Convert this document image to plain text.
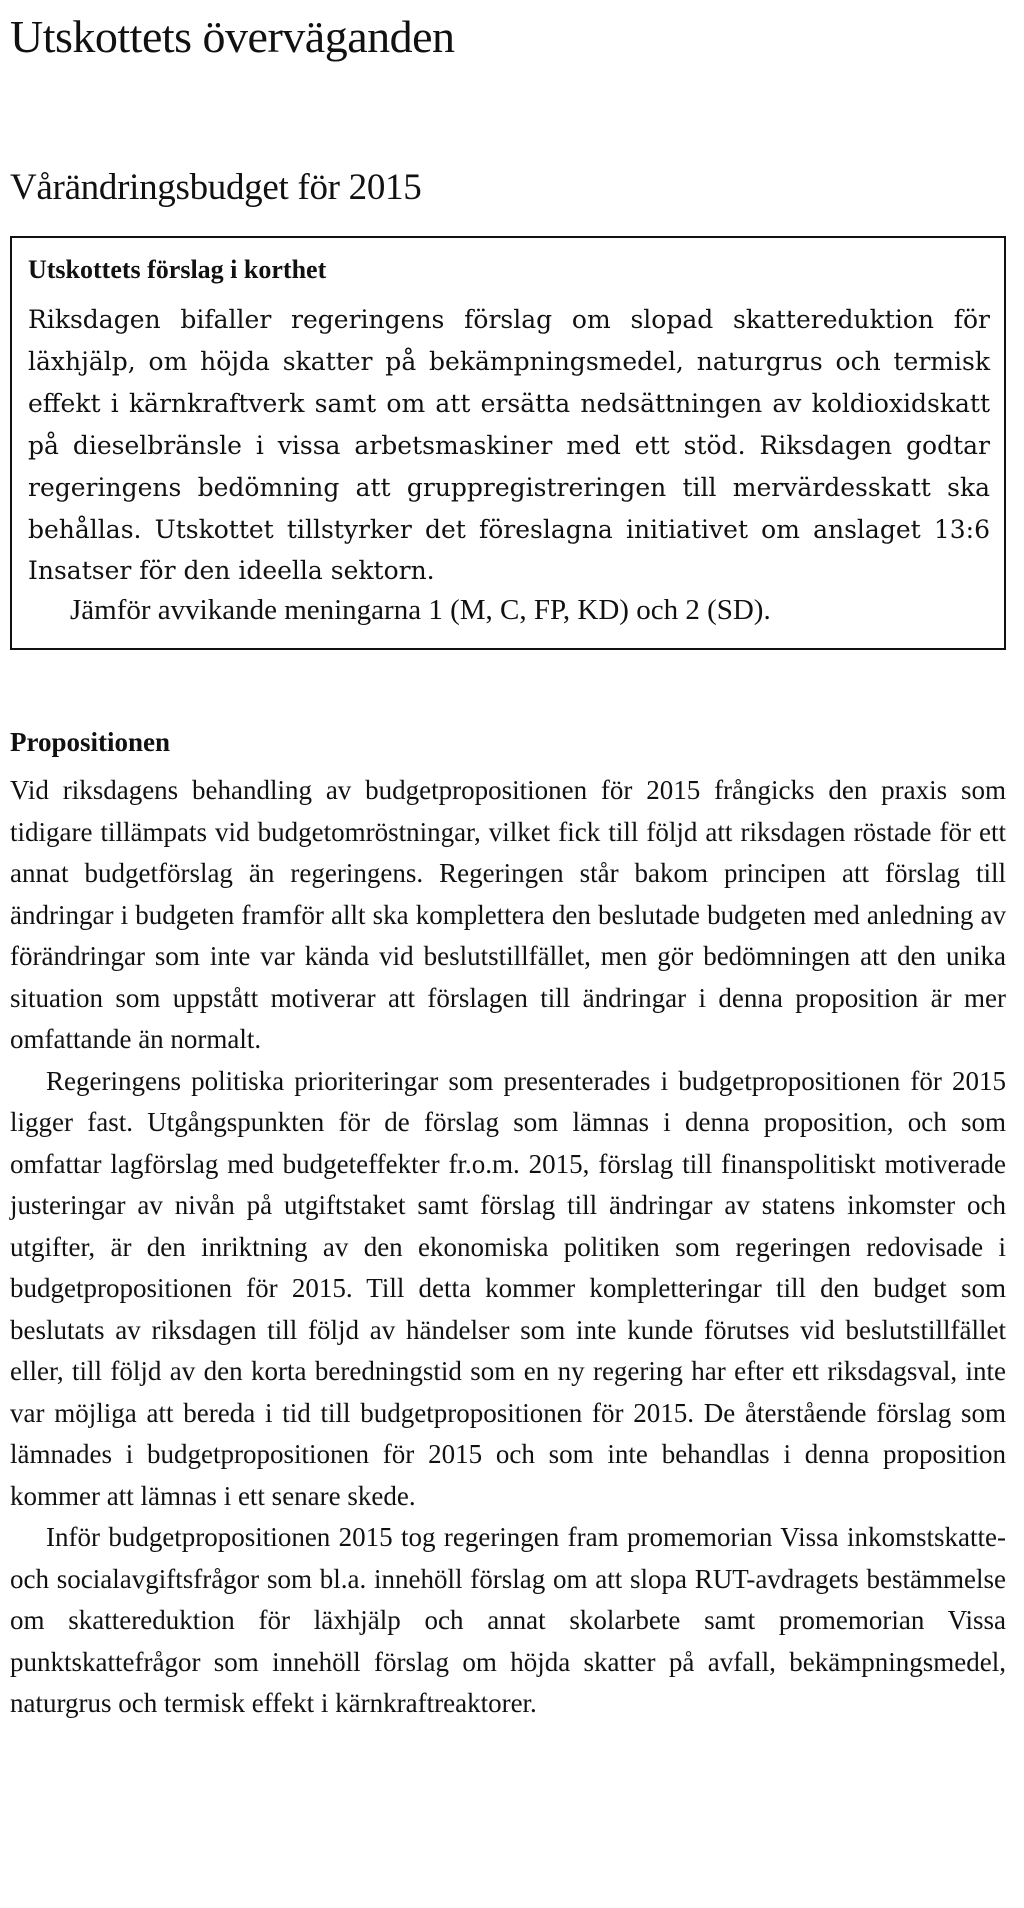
Utskottets överväganden
Vårändringsbudget för 2015
Utskottets förslag i korthet

Riksdagen bifaller regeringens förslag om slopad skattereduktion för läxhjälp, om höjda skatter på bekämpningsmedel, naturgrus och termisk effekt i kärnkraftverk samt om att ersätta nedsättningen av koldioxidskatt på dieselbränsle i vissa arbetsmaskiner med ett stöd. Riksdagen godtar regeringens bedömning att gruppregistreringen till mervärdesskatt ska behållas. Utskottet tillstyrker det föreslagna initiativet om anslaget 13:6 Insatser för den ideella sektorn.

Jämför avvikande meningarna 1 (M, C, FP, KD) och 2 (SD).

Propositionen

Vid riksdagens behandling av budgetpropositionen för 2015 frångicks den praxis som tidigare tillämpats vid budgetomröstningar, vilket fick till följd att riksdagen röstade för ett annat budgetförslag än regeringens. Regeringen står bakom principen att förslag till ändringar i budgeten framför allt ska komplettera den beslutade budgeten med anledning av förändringar som inte var kända vid beslutstillfället, men gör bedömningen att den unika situation som uppstått motiverar att förslagen till ändringar i denna proposition är mer omfattande än normalt.

Regeringens politiska prioriteringar som presenterades i budgetpropositionen för 2015 ligger fast. Utgångspunkten för de förslag som lämnas i denna proposition, och som omfattar lagförslag med budgeteffekter fr.o.m. 2015, förslag till finanspolitiskt motiverade justeringar av nivån på utgiftstaket samt förslag till ändringar av statens inkomster och utgifter, är den inriktning av den ekonomiska politiken som regeringen redovisade i budgetpropositionen för 2015. Till detta kommer kompletteringar till den budget som beslutats av riksdagen till följd av händelser som inte kunde förutses vid beslutstillfället eller, till följd av den korta beredningstid som en ny regering har efter ett riksdagsval, inte var möjliga att bereda i tid till budgetpropositionen för 2015. De återstående förslag som lämnades i budgetpropositionen för 2015 och som inte behandlas i denna proposition kommer att lämnas i ett senare skede.

Inför budgetpropositionen 2015 tog regeringen fram promemorian Vissa inkomstskatte- och socialavgiftsfrågor som bl.a. innehöll förslag om att slopa RUT-avdragets bestämmelse om skattereduktion för läxhjälp och annat skolarbete samt promemorian Vissa punktskattefrågor som innehöll förslag om höjda skatter på avfall, bekämpningsmedel, naturgrus och termisk effekt i kärnkraftreaktorer.
